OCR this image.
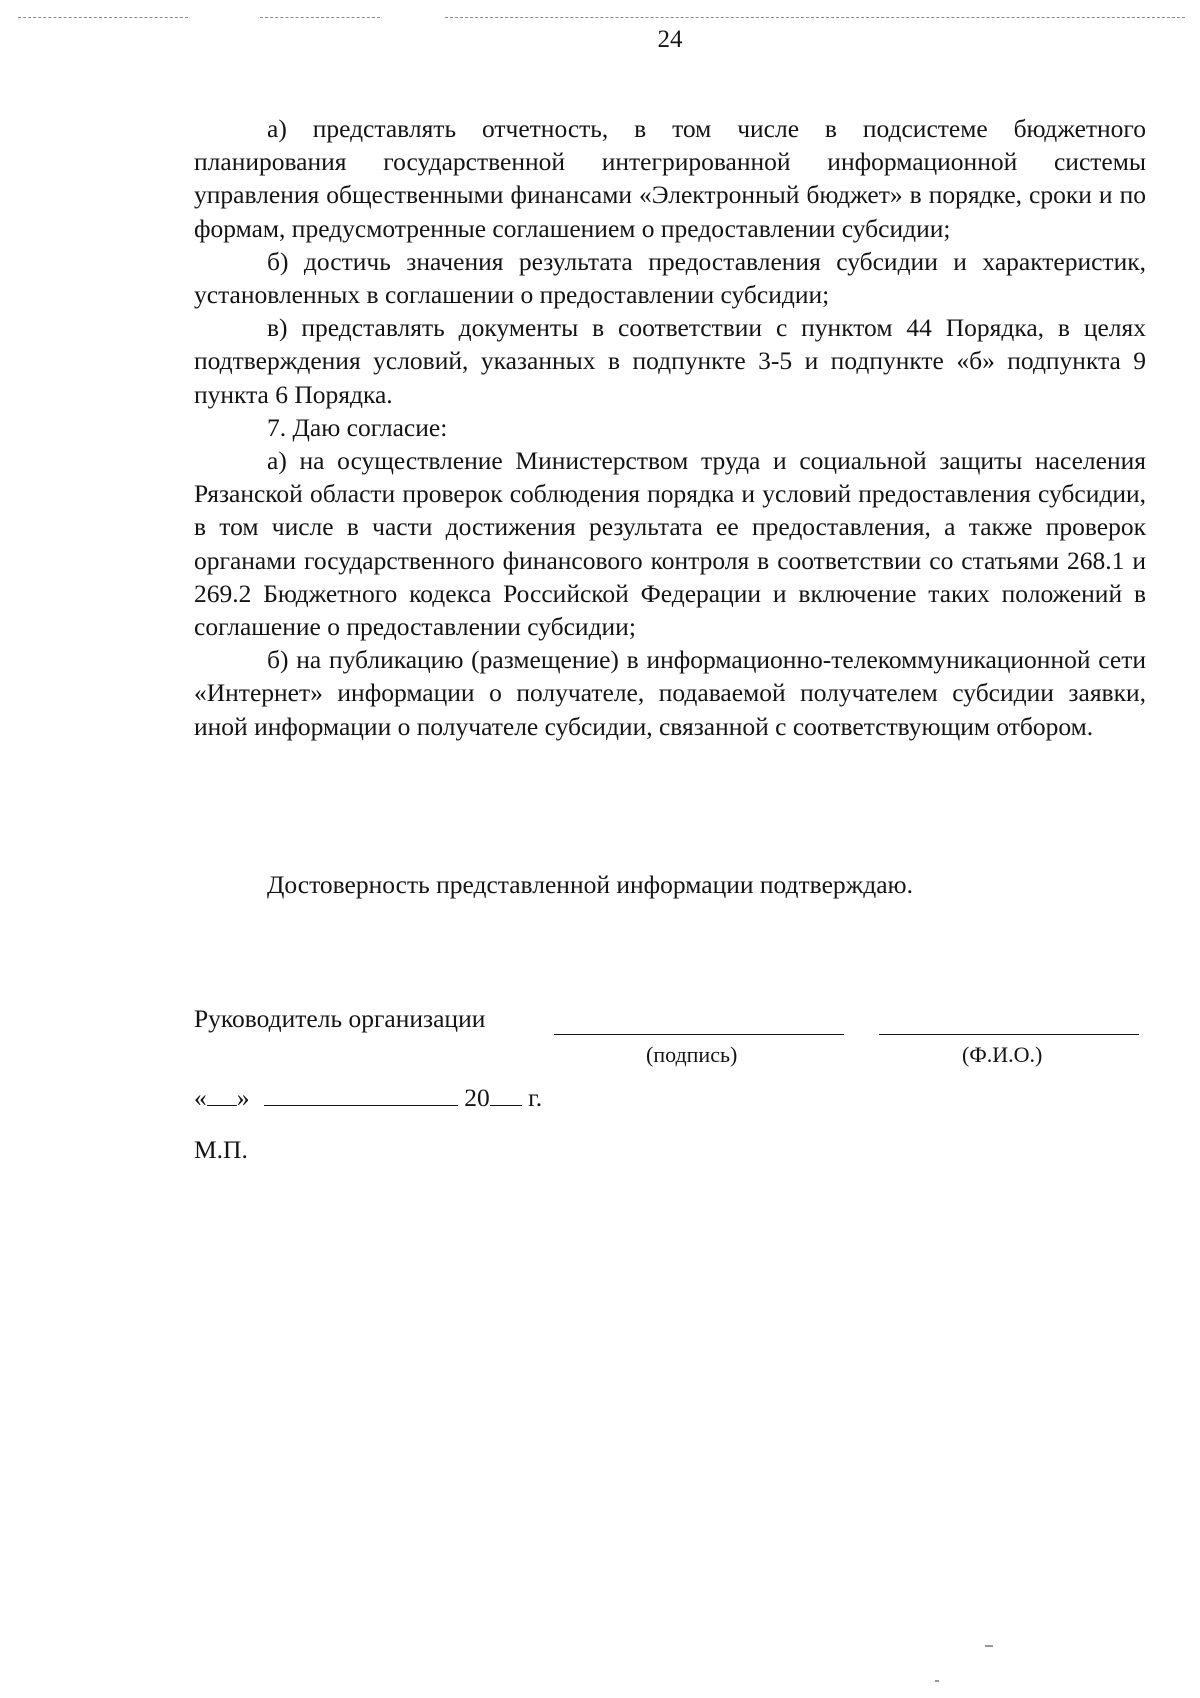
24

а) представлять отчетность, в том числе в подсистеме бюджетного планирования государственной интегрированной информационной системы управления общественными финансами «Электронный бюджет» в порядке, сроки и по формам, предусмотренные соглашением о предоставлении субсидии;

б) достичь значения результата предоставления субсидии и характеристик, установленных в соглашении о предоставлении субсидии;

в) представлять документы в соответствии с пунктом 44 Порядка, в целях подтверждения условий, указанных в подпункте 3-5 и подпункте «б» подпункта 9 пункта 6 Порядка.

7. Даю согласие:

а) на осуществление Министерством труда и социальной защиты населения Рязанской области проверок соблюдения порядка и условий предоставления субсидии, в том числе в части достижения результата ее предоставления, а также проверок органами государственного финансового контроля в соответствии со статьями 268.1 и 269.2 Бюджетного кодекса Российской Федерации и включение таких положений в соглашение о предоставлении субсидии;

б) на публикацию (размещение) в информационно-телекоммуникационной сети «Интернет» информации о получателе, подаваемой получателем субсидии заявки, иной информации о получателе субсидии, связанной с соответствующим отбором.

Достоверность представленной информации подтверждаю.
Руководитель организации
(подпись)	(Ф.И.О.)
« »	20 г.
М.П.
